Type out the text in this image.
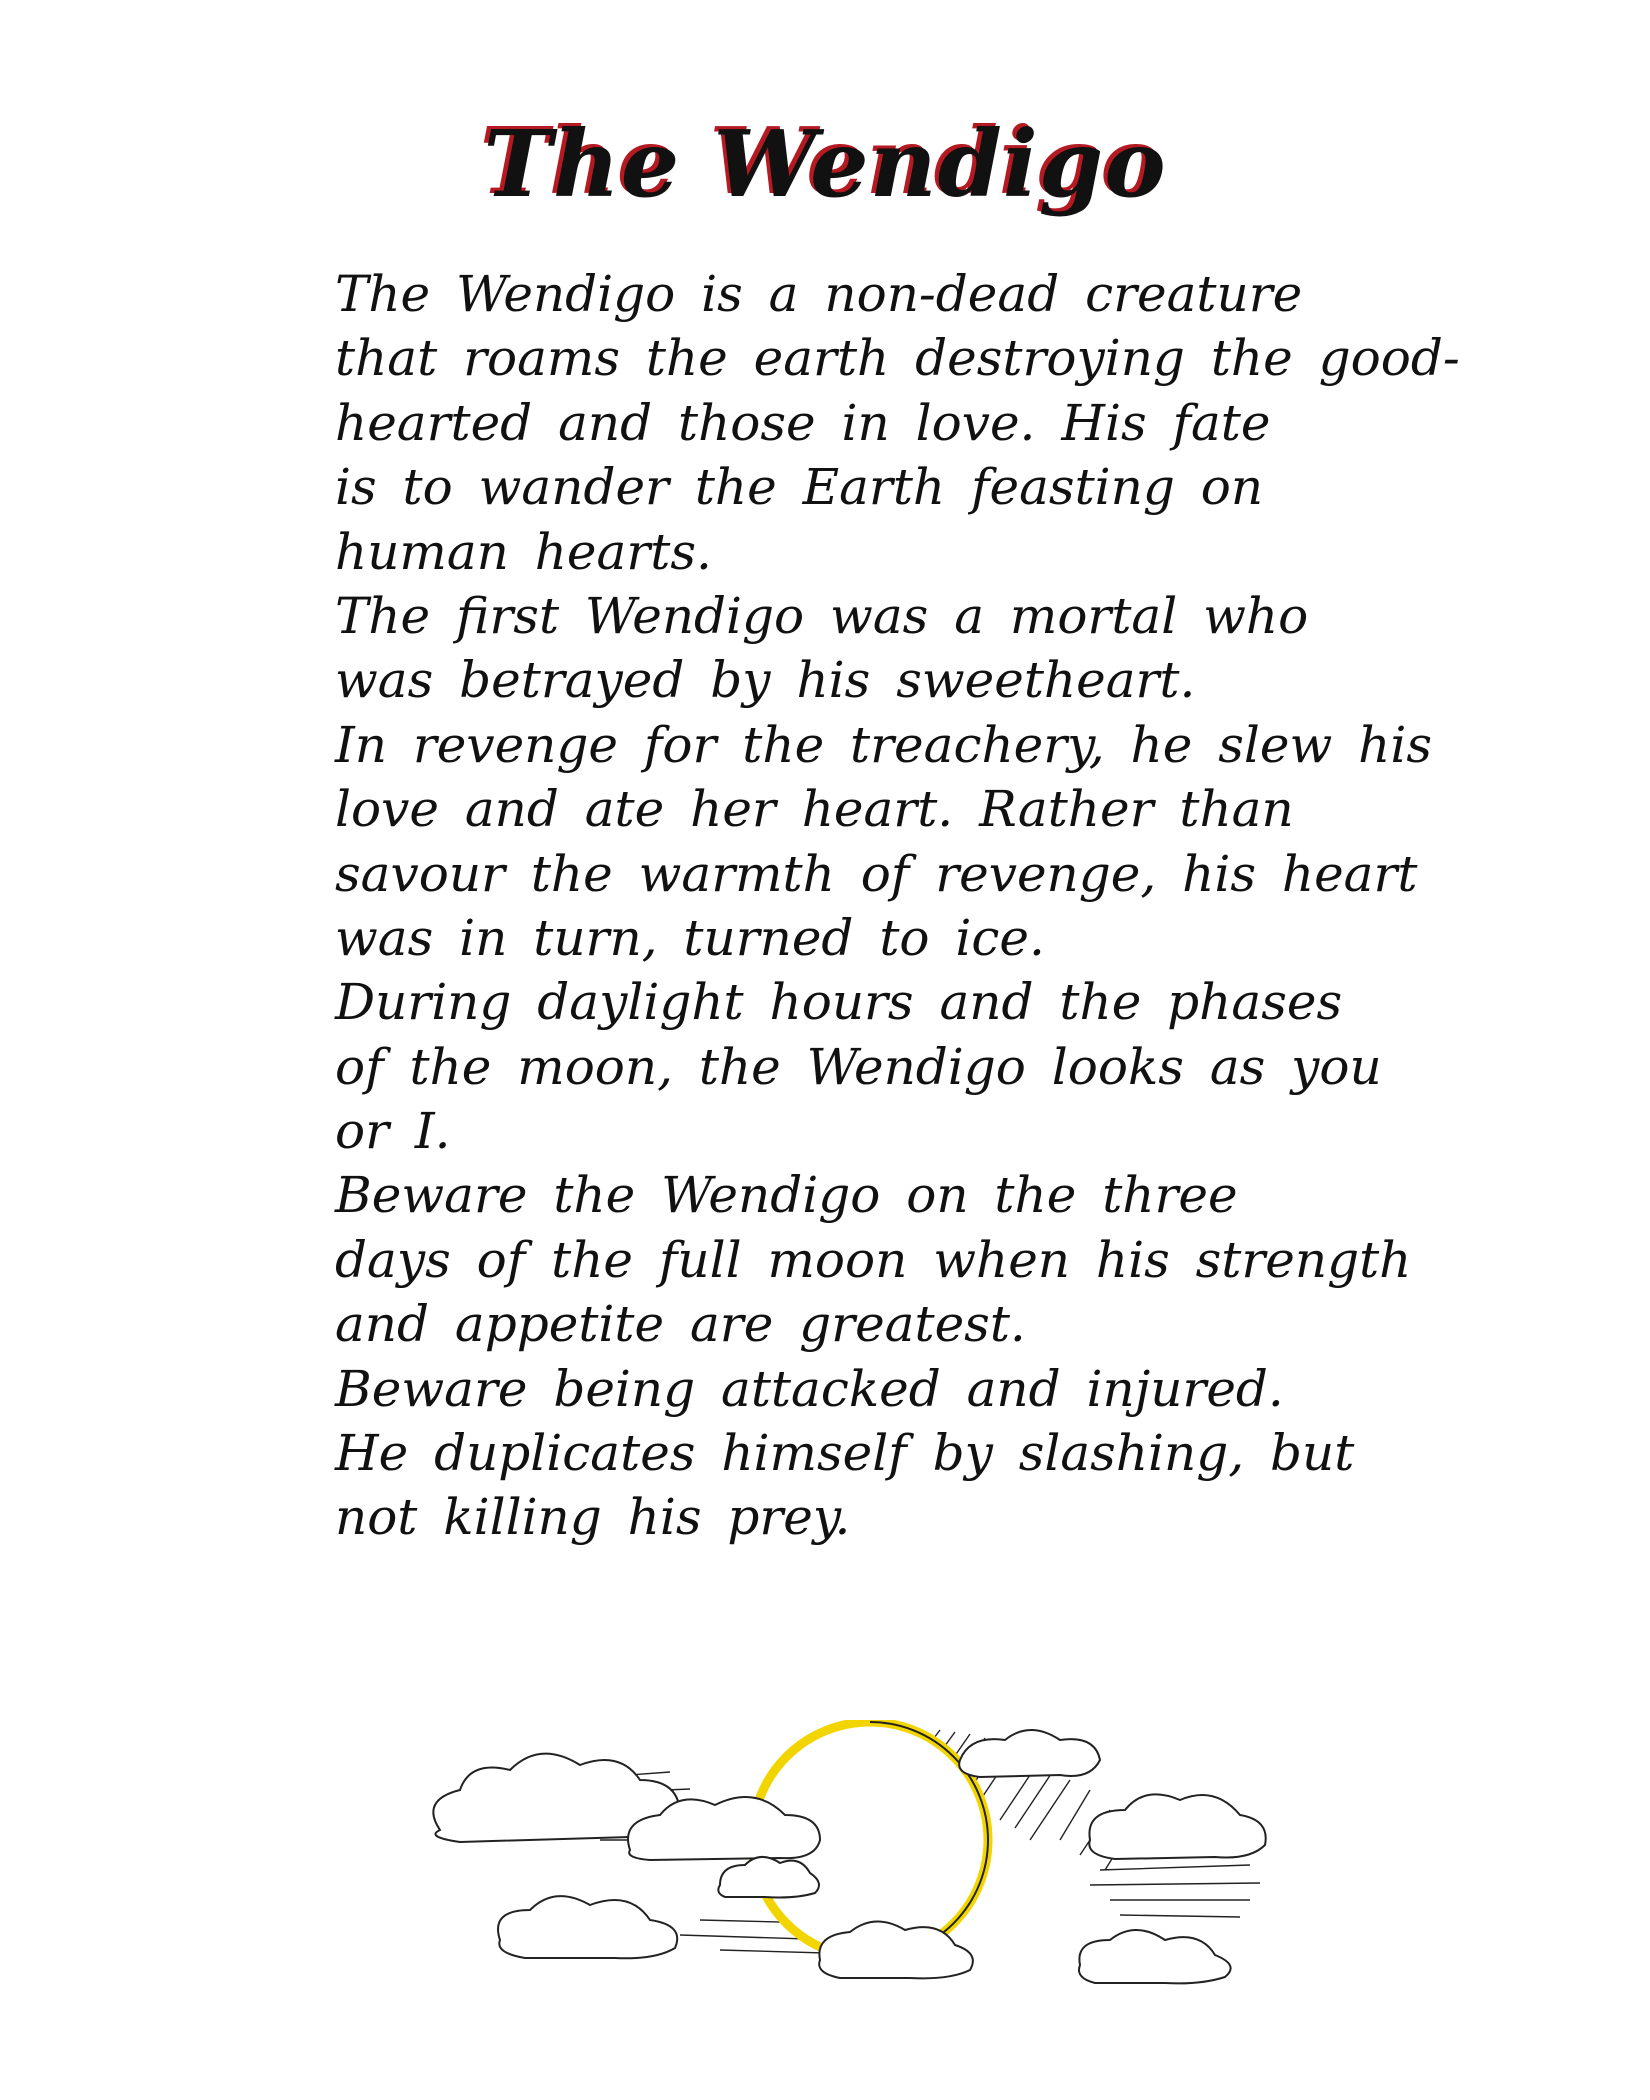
The Wendigo
The Wendigo is a non-dead creature
that roams the earth destroying the good-
hearted and those in love. His fate
is to wander the Earth feasting on
human hearts.
The first Wendigo was a mortal who
was betrayed by his sweetheart.
In revenge for the treachery, he slew his
love and ate her heart. Rather than
savour the warmth of revenge, his heart
was in turn, turned to ice.
During daylight hours and the phases
of the moon, the Wendigo looks as you
or I.
Beware the Wendigo on the three
days of the full moon when his strength
and appetite are greatest.
Beware being attacked and injured.
He duplicates himself by slashing, but
not killing his prey.
